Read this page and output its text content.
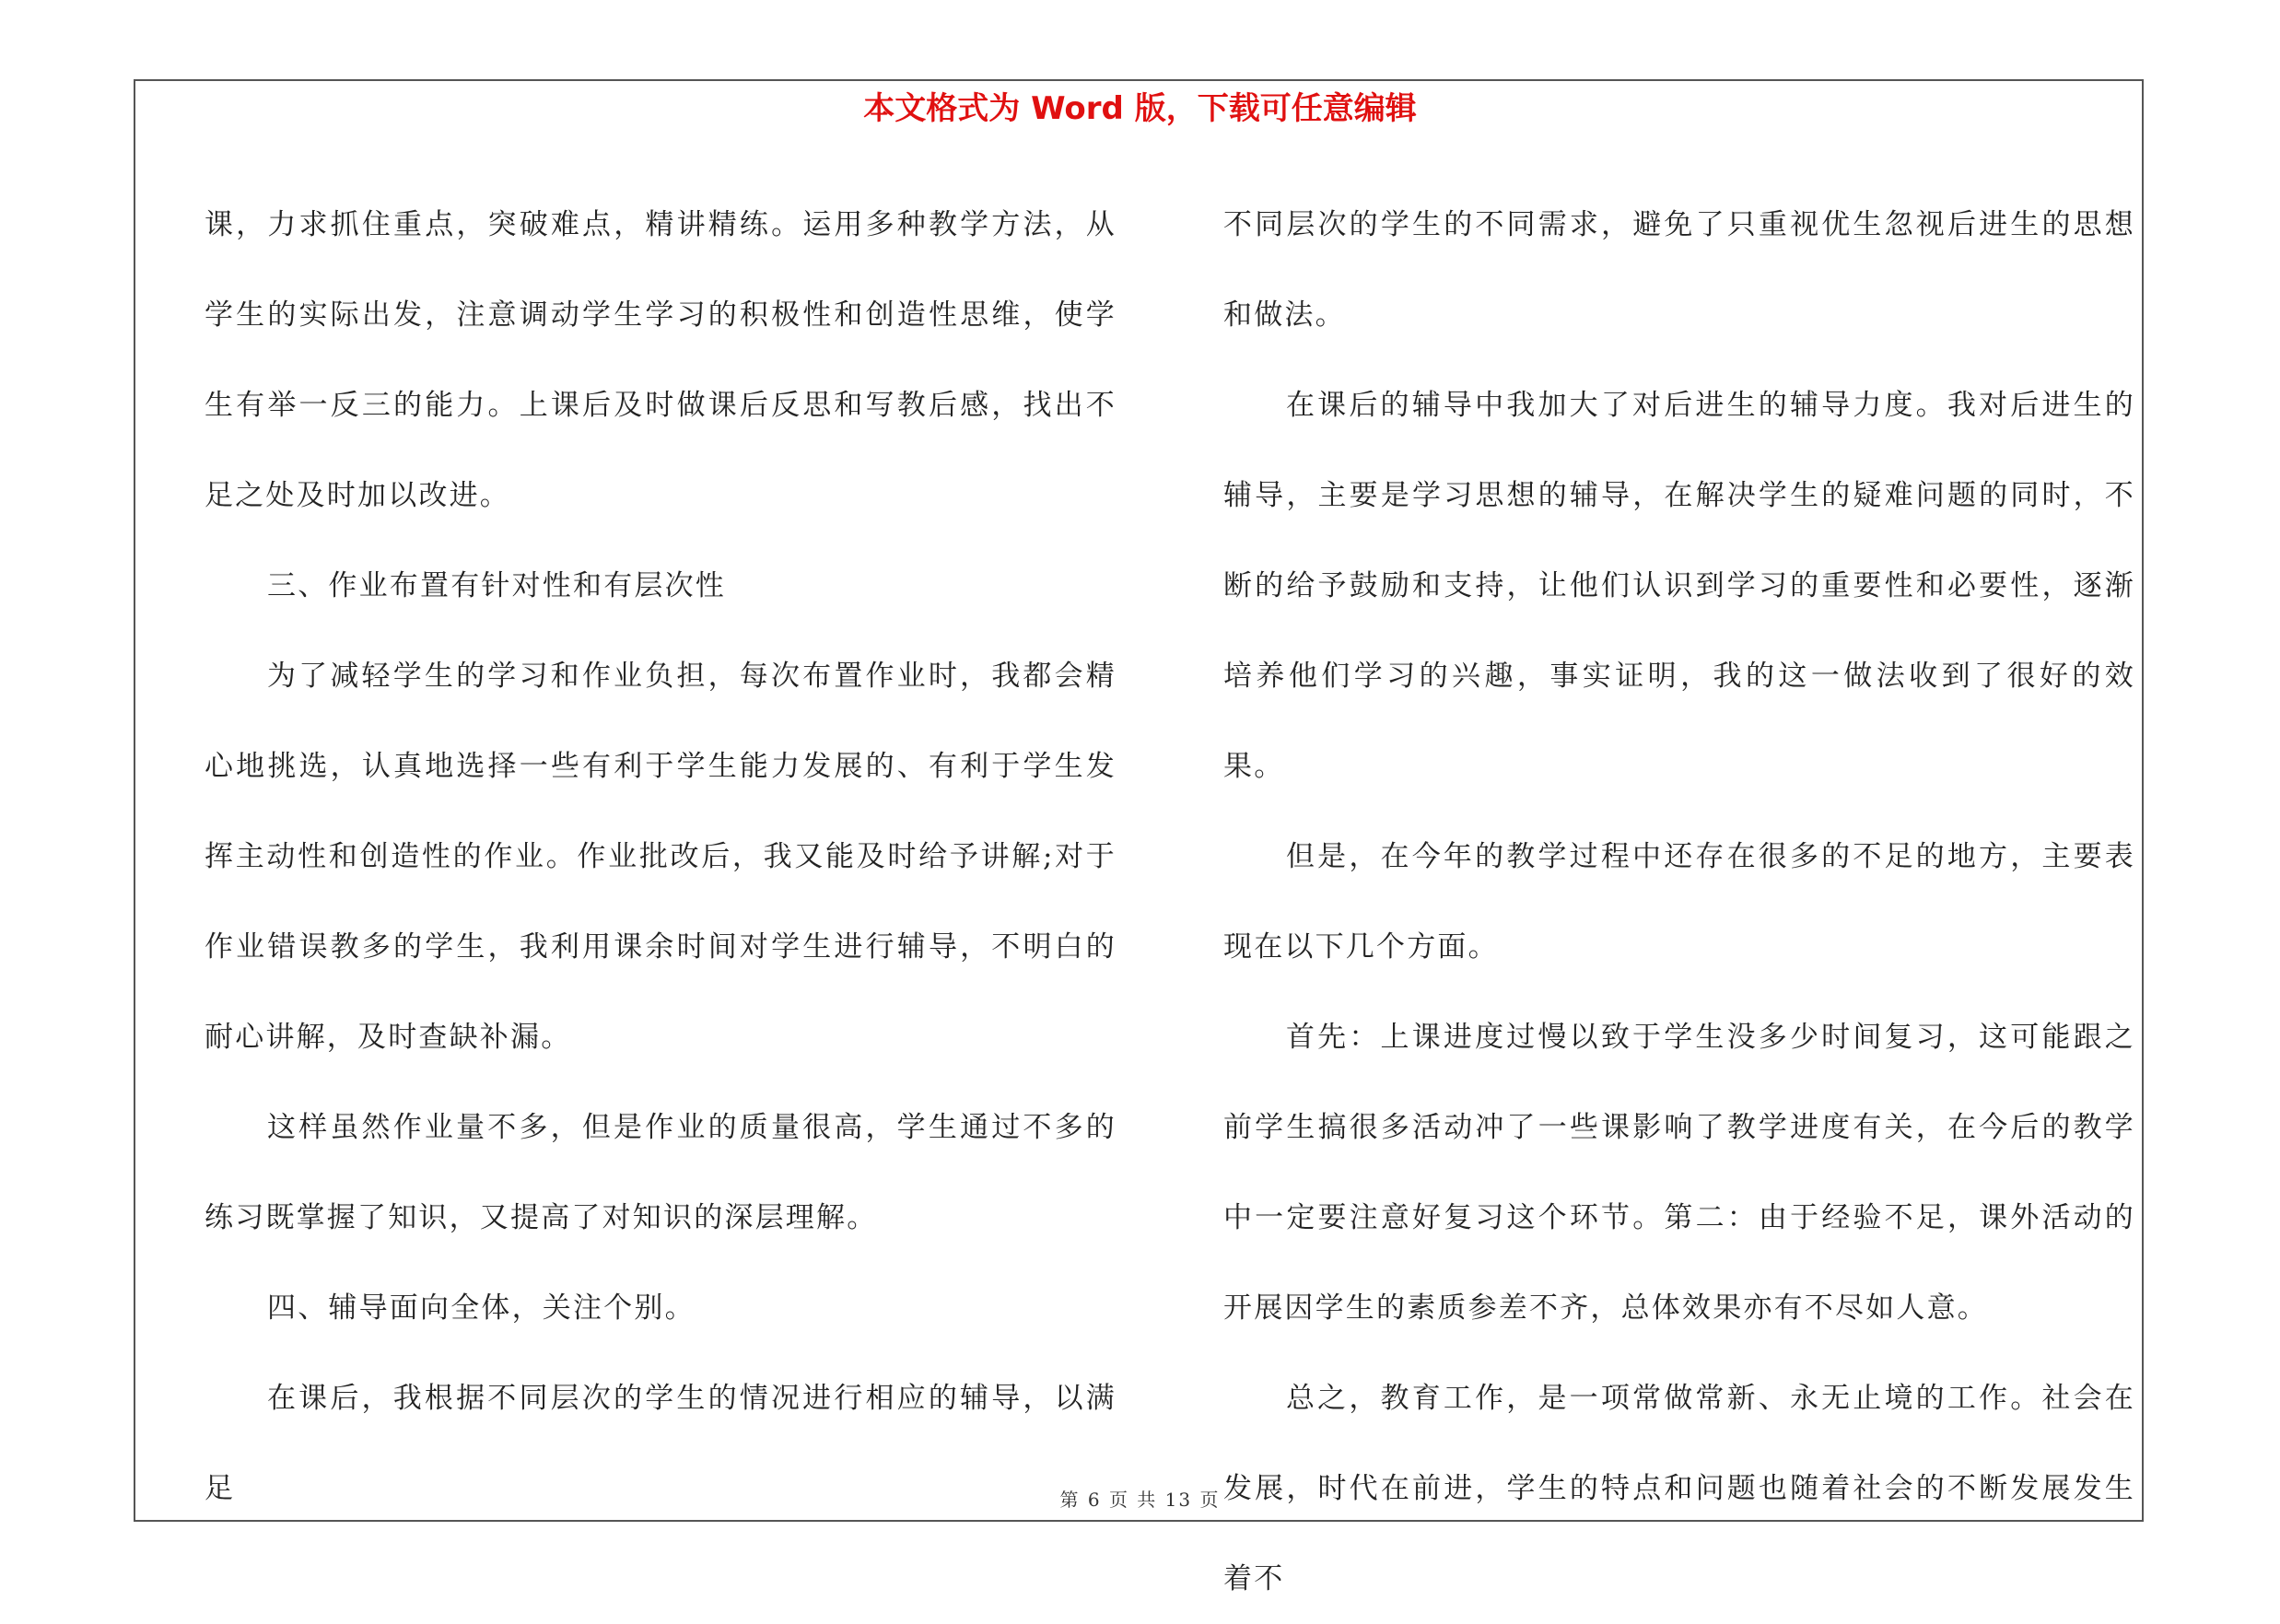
本文格式为 Word 版，下载可任意编辑

课，力求抓住重点，突破难点，精讲精练。运用多种教学方法，从学生的实际出发，注意调动学生学习的积极性和创造性思维，使学生有举一反三的能力。上课后及时做课后反思和写教后感，找出不足之处及时加以改进。

三、作业布置有针对性和有层次性

为了减轻学生的学习和作业负担，每次布置作业时，我都会精心地挑选，认真地选择一些有利于学生能力发展的、有利于学生发挥主动性和创造性的作业。作业批改后，我又能及时给予讲解;对于作业错误教多的学生，我利用课余时间对学生进行辅导，不明白的耐心讲解，及时查缺补漏。

这样虽然作业量不多，但是作业的质量很高，学生通过不多的练习既掌握了知识，又提高了对知识的深层理解。

四、辅导面向全体，关注个别。

在课后，我根据不同层次的学生的情况进行相应的辅导，以满足

不同层次的学生的不同需求，避免了只重视优生忽视后进生的思想和做法。

在课后的辅导中我加大了对后进生的辅导力度。我对后进生的辅导，主要是学习思想的辅导，在解决学生的疑难问题的同时，不断的给予鼓励和支持，让他们认识到学习的重要性和必要性，逐渐培养他们学习的兴趣，事实证明，我的这一做法收到了很好的效果。

但是，在今年的教学过程中还存在很多的不足的地方，主要表现在以下几个方面。

首先：上课进度过慢以致于学生没多少时间复习，这可能跟之前学生搞很多活动冲了一些课影响了教学进度有关，在今后的教学中一定要注意好复习这个环节。第二：由于经验不足，课外活动的开展因学生的素质参差不齐，总体效果亦有不尽如人意。

总之，教育工作，是一项常做常新、永无止境的工作。社会在发展，时代在前进，学生的特点和问题也随着社会的不断发展发生着不

第 6 页 共 13 页
